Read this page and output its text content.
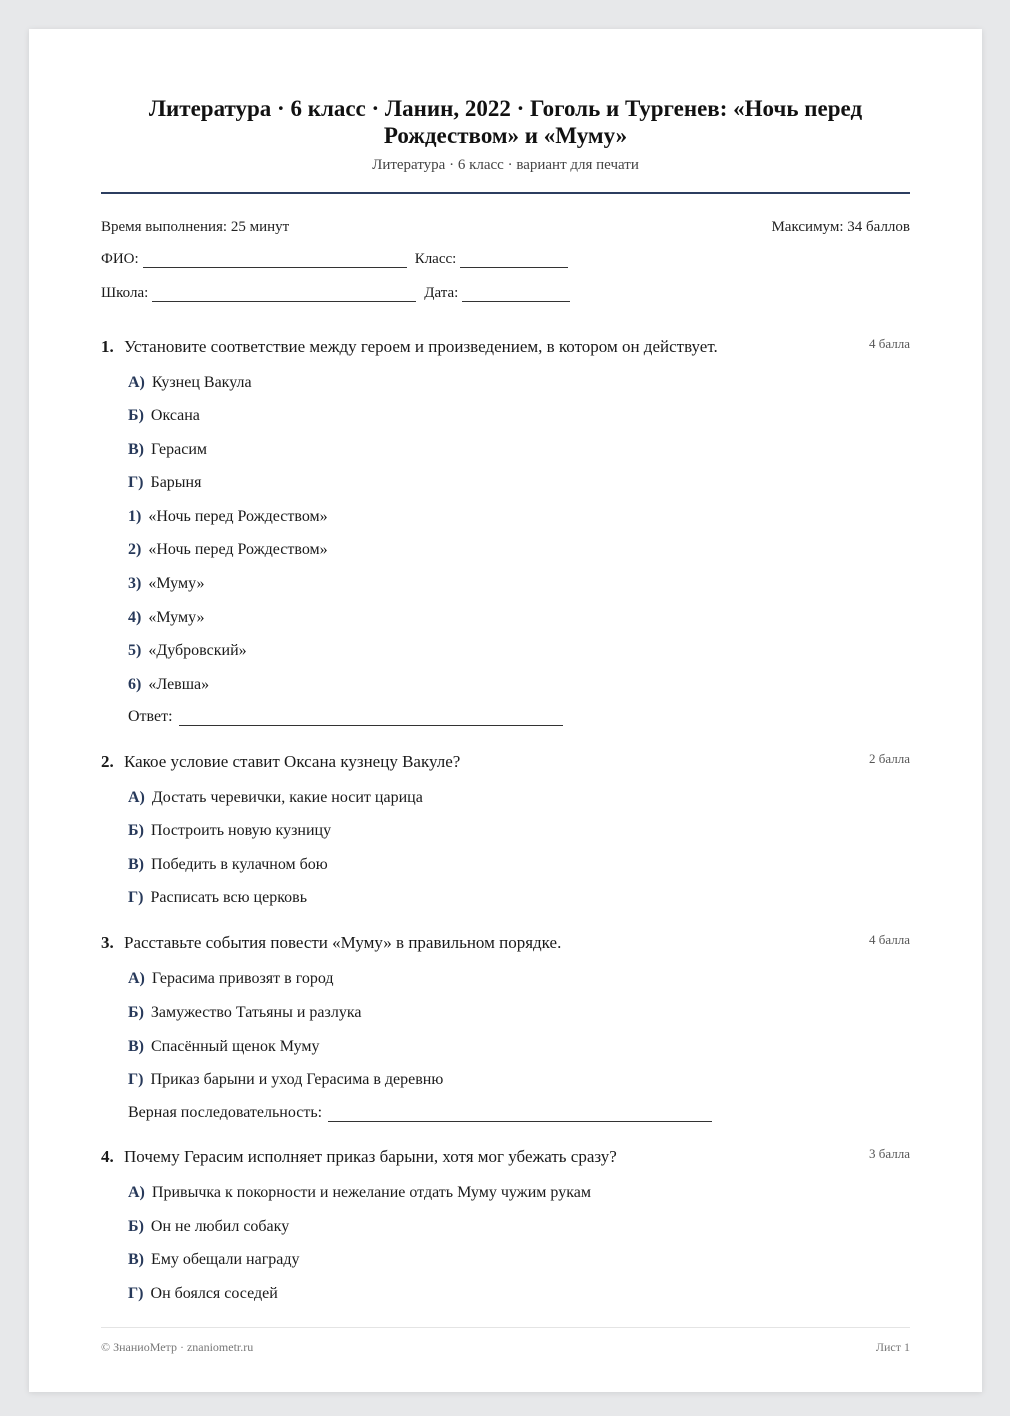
Литература · 6 класс · Ланин, 2022 · Гоголь и Тургенев: «Ночь перед Рождеством» и «Муму»
Литература · 6 класс · вариант для печати
Время выполнения: 25 минут	Максимум: 34 баллов
ФИО:	Класс:
Школа:	Дата:
1. Установите соответствие между героем и произведением, в котором он действует.	4 балла
А) Кузнец Вакула
Б) Оксана
В) Герасим
Г) Барыня
1) «Ночь перед Рождеством»
2) «Ночь перед Рождеством»
3) «Муму»
4) «Муму»
5) «Дубровский»
6) «Левша»
Ответ:
2. Какое условие ставит Оксана кузнецу Вакуле?	2 балла
А) Достать черевички, какие носит царица
Б) Построить новую кузницу
В) Победить в кулачном бою
Г) Расписать всю церковь
3. Расставьте события повести «Муму» в правильном порядке.	4 балла
А) Герасима привозят в город
Б) Замужество Татьяны и разлука
В) Спасённый щенок Муму
Г) Приказ барыни и уход Герасима в деревню
Верная последовательность:
4. Почему Герасим исполняет приказ барыни, хотя мог убежать сразу?	3 балла
А) Привычка к покорности и нежелание отдать Муму чужим рукам
Б) Он не любил собаку
В) Ему обещали награду
Г) Он боялся соседей
© ЗнаниоМетр · znaniometr.ru	Лист 1
